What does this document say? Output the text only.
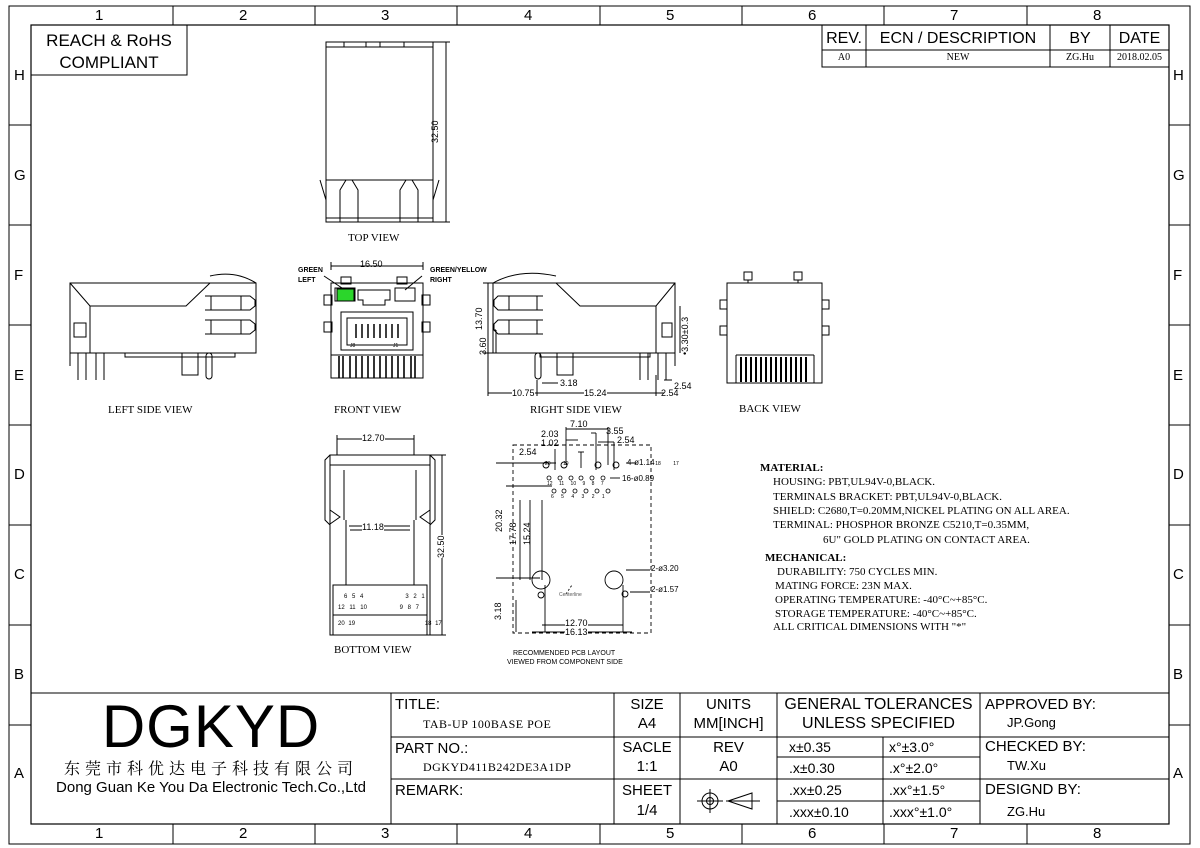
1	2	3	4	5	6	7	8
1	2	3	4	5	6	7	8
H
G
F
E
D
C
B
A
H
G
F
E
D
C
B
A
REACH & RoHS
COMPLIANT
REV.	ECN / DESCRIPTION	BY	DATE
A0	NEW	ZG.Hu	2018.02.05
TOP VIEW
LEFT SIDE VIEW	FRONT VIEW	RIGHT SIDE VIEW	BACK VIEW
BOTTOM VIEW
32.50
16.50
GREEN
LEFT
GREEN/YELLOW
RIGHT
J8	J1
13.70
3.60	•3.30±0.3
10.75	15.24
3.18	2.54
2.54
12.70
11.18
32.50
12 11 10	9 8 7
6 5 4	3 2 1
20 19	18 17
7.10
2.03
1.02
3.55
2.54
2.54
4-ø1.14
16-ø0.89
20.32
17.78 15.24
2-ø3.20
2-ø1.57
3.18
12.70
16.13
Centerline
20 19	18 17
12 11 10 9 8 7
6 5 4 3 2 1
RECOMMENDED PCB LAYOUT
VIEWED FROM COMPONENT SIDE
MATERIAL:
HOUSING: PBT,UL94V-0,BLACK.
TERMINALS BRACKET: PBT,UL94V-0,BLACK.
SHIELD: C2680,T=0.20MM,NICKEL PLATING ON ALL AREA.
TERMINAL: PHOSPHOR BRONZE C5210,T=0.35MM,
6U" GOLD PLATING ON CONTACT AREA.
MECHANICAL:
DURABILITY: 750 CYCLES MIN.
MATING FORCE: 23N MAX.
OPERATING TEMPERATURE: -40°C~+85°C.
STORAGE TEMPERATURE: -40°C~+85°C.
ALL CRITICAL DIMENSIONS WITH "*"
DGKYD
东莞市科优达电子科技有限公司
Dong Guan Ke You Da Electronic Tech.Co.,Ltd
TITLE:
TAB-UP 100BASE POE
PART NO.:
DGKYD411B242DE3A1DP
REMARK:
SIZE
A4
SACLE
1:1
SHEET
1/4
UNITS
MM[INCH]
REV
A0
GENERAL TOLERANCES
UNLESS SPECIFIED
x±0.35	x°±3.0°
.x±0.30	.x°±2.0°
.xx±0.25	.xx°±1.5°
.xxx±0.10	.xxx°±1.0°
APPROVED BY:
JP.Gong
CHECKED BY:
TW.Xu
DESIGND BY:
ZG.Hu
